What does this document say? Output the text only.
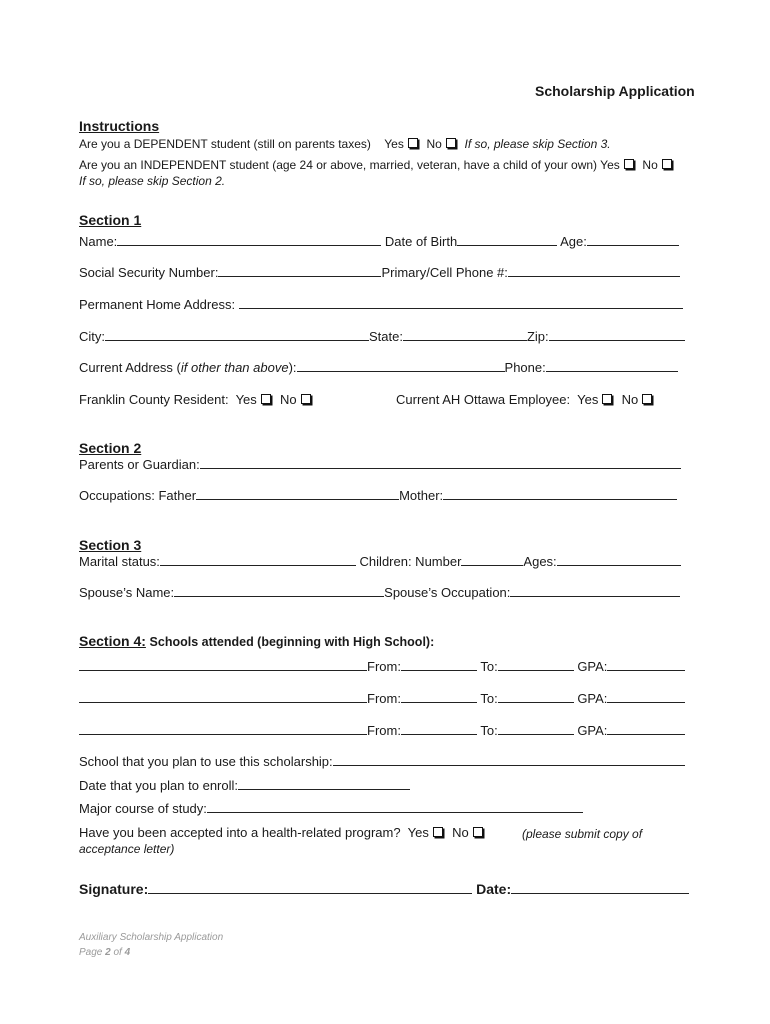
Scholarship Application
Instructions
Are you a DEPENDENT student (still on parents taxes) Yes No If so, please skip Section 3.
Are you an INDEPENDENT student (age 24 or above, married, veteran, have a child of your own) Yes No
If so, please skip Section 2.
Section 1
Name:	Date of Birth	Age:
Social Security Number:	Primary/Cell Phone #:
Permanent Home Address:
City:	State:	Zip:
Current Address (if other than above):	Phone:
Franklin County Resident: Yes No	Current AH Ottawa Employee: Yes No
Section 2
Parents or Guardian:
Occupations: Father	Mother:
Section 3
Marital status:	Children: Number	Ages:
Spouse’s Name:	Spouse’s Occupation:
Section 4: Schools attended (beginning with High School):
From:	To:	GPA:
From:	To:	GPA:
From:	To:	GPA:
School that you plan to use this scholarship:
Date that you plan to enroll:
Major course of study:
Have you been accepted into a health-related program? Yes No	(please submit copy of
acceptance letter)
Signature:	Date:
Auxiliary Scholarship Application
Page 2 of 4
